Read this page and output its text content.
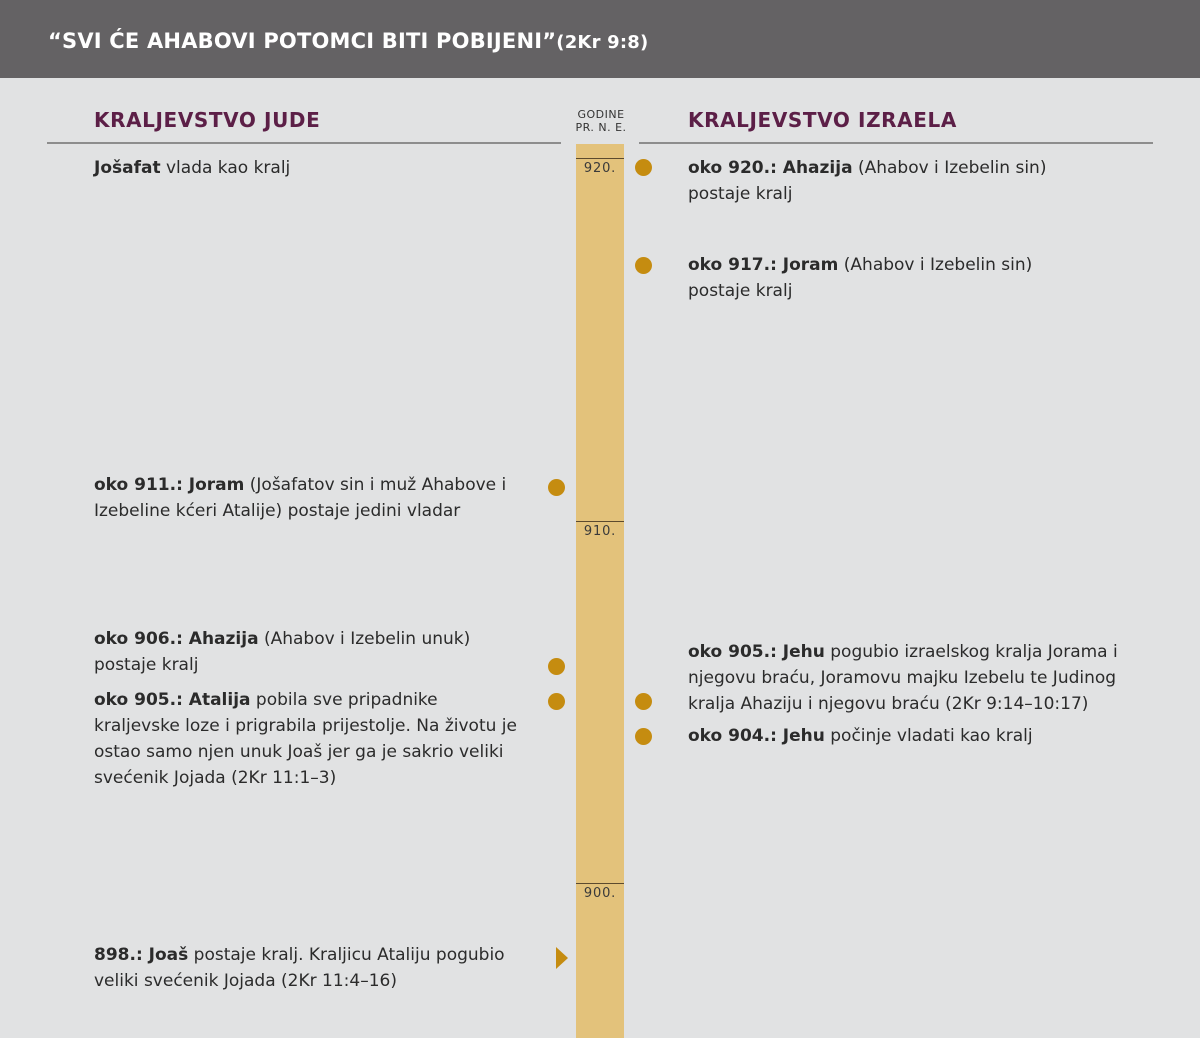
“SVI ĆE AHABOVI POTOMCI BITI POBIJENI”(2Kr 9:8)
KRALJEVSTVO JUDE	KRALJEVSTVO IZRAELA
GODINE
PR. N. E.
920.
910.
900.
Jošafat vlada kao kralj
oko 911.: Joram (Jošafatov sin i muž Ahabove i Izebeline kćeri Atalije) postaje jedini vladar
oko 906.: Ahazija (Ahabov i Izebelin unuk) postaje kralj
oko 905.: Atalija pobila sve pripadnike kraljevske loze i prigrabila prijestolje. Na životu je ostao samo njen unuk Joaš jer ga je sakrio veliki svećenik Jojada (2Kr 11:1–3)
898.: Joaš postaje kralj. Kraljicu Ataliju pogubio veliki svećenik Jojada (2Kr 11:4–16)
oko 920.: Ahazija (Ahabov i Izebelin sin) postaje kralj
oko 917.: Joram (Ahabov i Izebelin sin) postaje kralj
oko 905.: Jehu pogubio izraelskog kralja Jorama i njegovu braću, Joramovu majku Izebelu te Judinog kralja Ahaziju i njegovu braću (2Kr 9:14–10:17)
oko 904.: Jehu počinje vladati kao kralj
